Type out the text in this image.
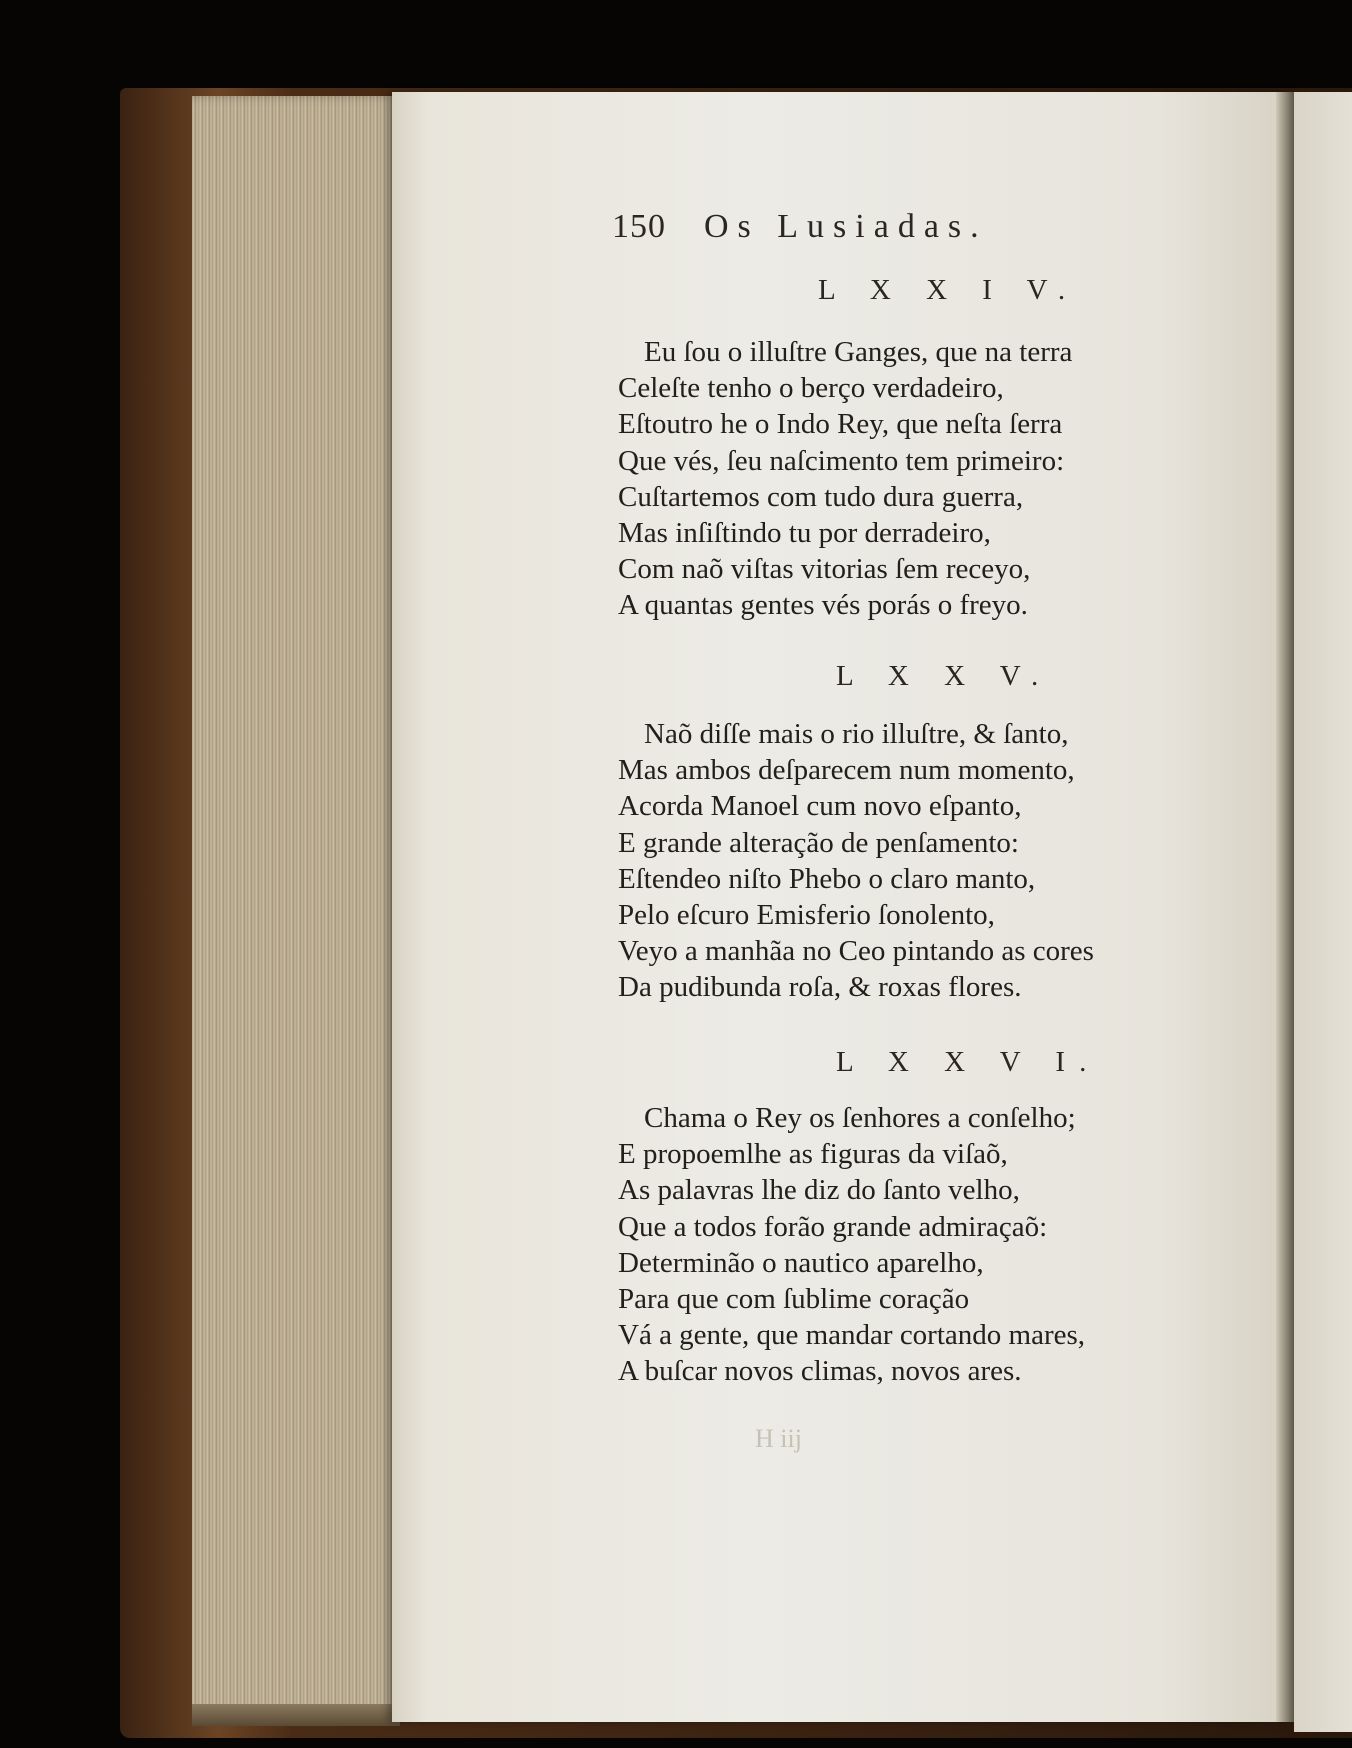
150 Os Lusiadas.
L X X I V.
Eu ſou o illuſtre Ganges, que na terra
Celeſte tenho o berço verdadeiro,
Eſtoutro he o Indo Rey, que neſta ſerra
Que vés, ſeu naſcimento tem primeiro:
Cuſtartemos com tudo dura guerra,
Mas inſiſtindo tu por derradeiro,
Com naõ viſtas vitorias ſem receyo,
A quantas gentes vés porás o freyo.
L X X V.
Naõ diſſe mais o rio illuſtre, & ſanto,
Mas ambos deſparecem num momento,
Acorda Manoel cum novo eſpanto,
E grande alteração de penſamento:
Eſtendeo niſto Phebo o claro manto,
Pelo eſcuro Emisferio ſonolento,
Veyo a manhãa no Ceo pintando as cores
Da pudibunda roſa, & roxas flores.
L X X V I.
Chama o Rey os ſenhores a conſelho;
E propoemlhe as figuras da viſaõ,
As palavras lhe diz do ſanto velho,
Que a todos forão grande admiraçaõ:
Determinão o nautico aparelho,
Para que com ſublime coração
Vá a gente, que mandar cortando mares,
A buſcar novos climas, novos ares.
H iij
